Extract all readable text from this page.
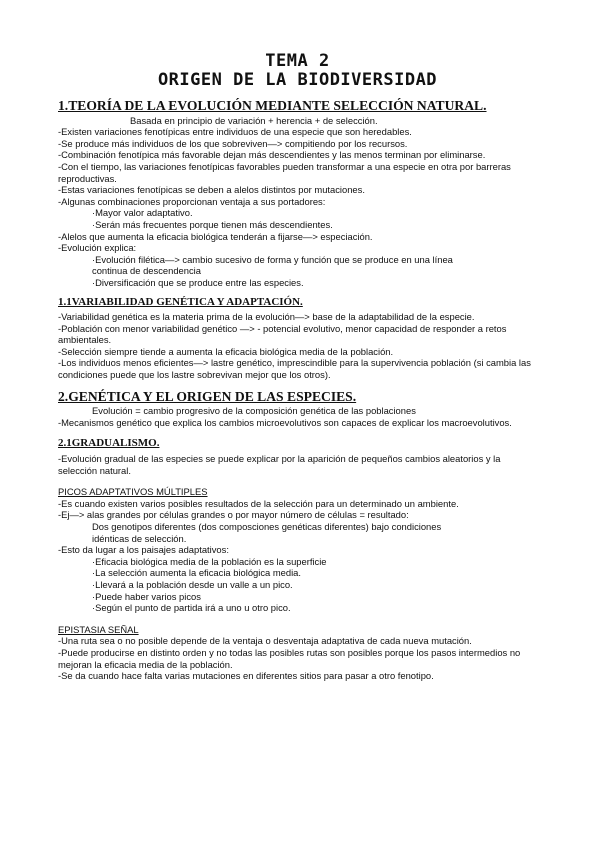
TEMA 2

ORIGEN DE LA BIODIVERSIDAD

1.TEORÍA DE LA EVOLUCIÓN MEDIANTE SELECCIÓN NATURAL.

Basada en principio de variación + herencia + de selección.

-Existen variaciones fenotípicas entre individuos de una especie que son heredables.

-Se produce más individuos de los que sobreviven—> compitiendo por los recursos.

-Combinación fenotípica más favorable dejan más descendientes y las menos terminan por eliminarse.

-Con el tiempo, las variaciones fenotípicas favorables pueden transformar a una especie en otra por barreras reproductivas.

-Estas variaciones fenotípicas se deben a alelos distintos por mutaciones.

-Algunas combinaciones proporcionan ventaja a sus portadores:

·Mayor valor adaptativo.

·Serán más frecuentes porque tienen más descendientes.

-Alelos que aumenta la eficacia biológica tenderán a fijarse—> especiación.

-Evolución explica:

·Evolución filética—> cambio sucesivo de forma y función que se produce en una línea

continua de descendencia

·Diversificación que se produce entre las especies.

1.1VARIABILIDAD GENÉTICA Y ADAPTACIÓN.

-Variabilidad genética es la materia prima de la evolución—> base de la adaptabilidad de la especie.

-Población con menor variabilidad genético —> - potencial evolutivo, menor capacidad de responder a retos ambientales.

-Selección siempre tiende a aumenta la eficacia biológica media de la población.

-Los individuos menos eficientes—> lastre genético, imprescindible para la supervivencia población (si cambia las condiciones puede que los lastre sobrevivan mejor que los otros).

2.GENÉTICA Y EL ORIGEN DE LAS ESPECIES.

Evolución = cambio progresivo de la composición genética de las poblaciones

-Mecanismos genético que explica los cambios microevolutivos son capaces de explicar los macroevolutivos.

2.1GRADUALISMO.

-Evolución gradual de las especies se puede explicar por la aparición de pequeños cambios aleatorios y la selección natural.

PICOS ADAPTATIVOS MÚLTIPLES

-Es cuando existen varios posibles resultados de la selección para un determinado un ambiente.

-Ej—> alas grandes por células grandes o por mayor número de células = resultado:

Dos genotipos diferentes (dos composciones genéticas diferentes) bajo condiciones

idénticas de selección.

-Esto da lugar a los paisajes adaptativos:

·Eficacia biológica media de la población es la superficie

·La selección aumenta la eficacia biológica media.

·Llevará a la población desde un valle a un pico.

·Puede haber varios picos

·Según el punto de partida irá a uno u otro pico.

EPISTASIA SEÑAL

-Una ruta sea o no posible depende de la ventaja o desventaja adaptativa de cada nueva mutación.

-Puede producirse en distinto orden y no todas las posibles rutas son posibles porque los pasos intermedios no mejoran la eficacia media de la población.

-Se da cuando hace falta varias mutaciones en diferentes sitios para pasar a otro fenotipo.
